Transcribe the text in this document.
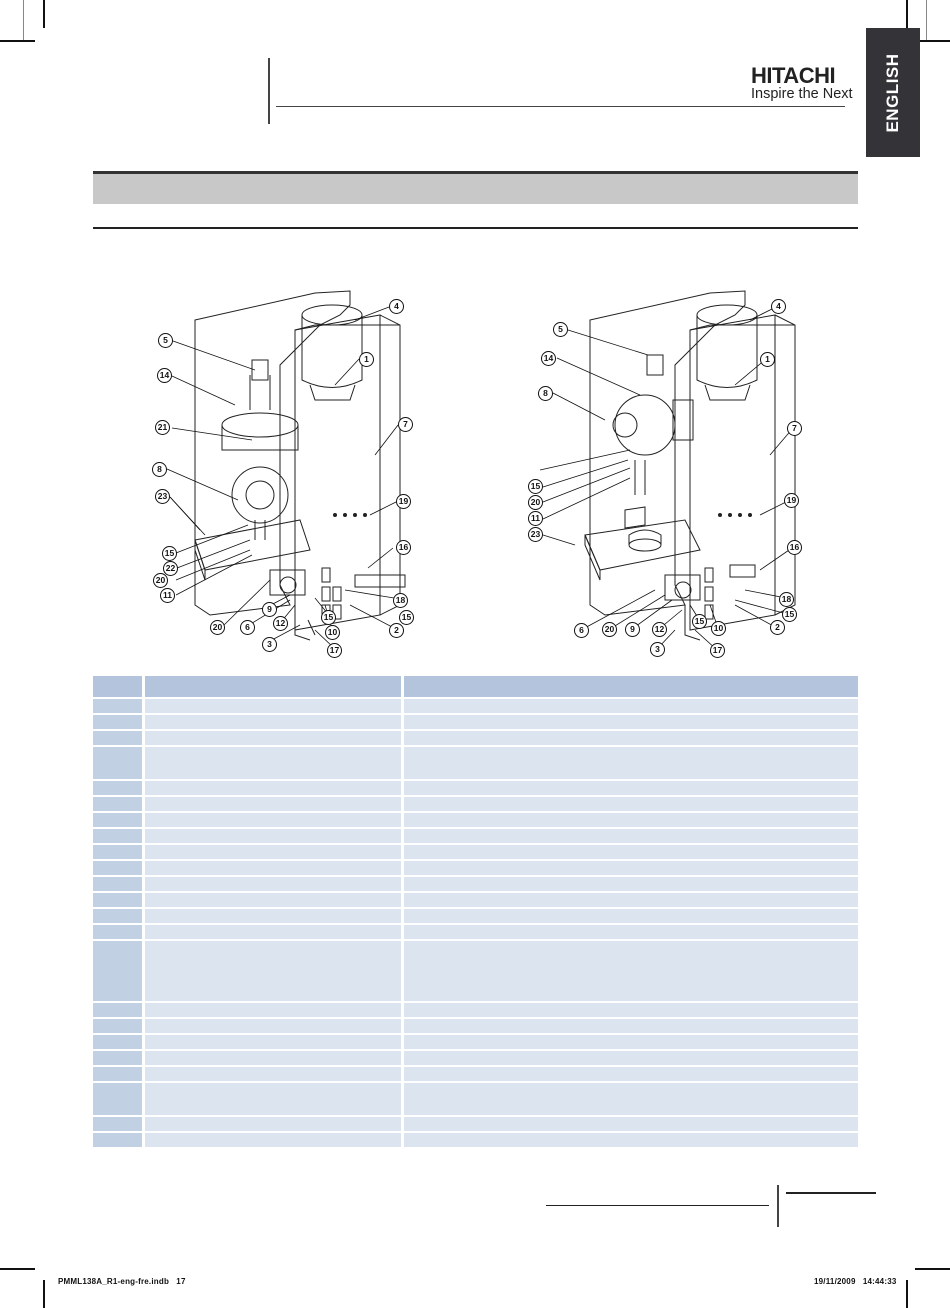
HITACHI
Inspire the Next ENGLISH
4
5
1
14
7
21
8
23	19
15
22
16
20
11	18
9
15
20	6	12
15
10	2
3
17
4
5
1
14
8
7
15
20	19
11
23
16
18
15
6	20	9	12
15
10	2
3	17

PMML138A_R1-eng-fre.indb   17	19/11/2009   14:44:33
